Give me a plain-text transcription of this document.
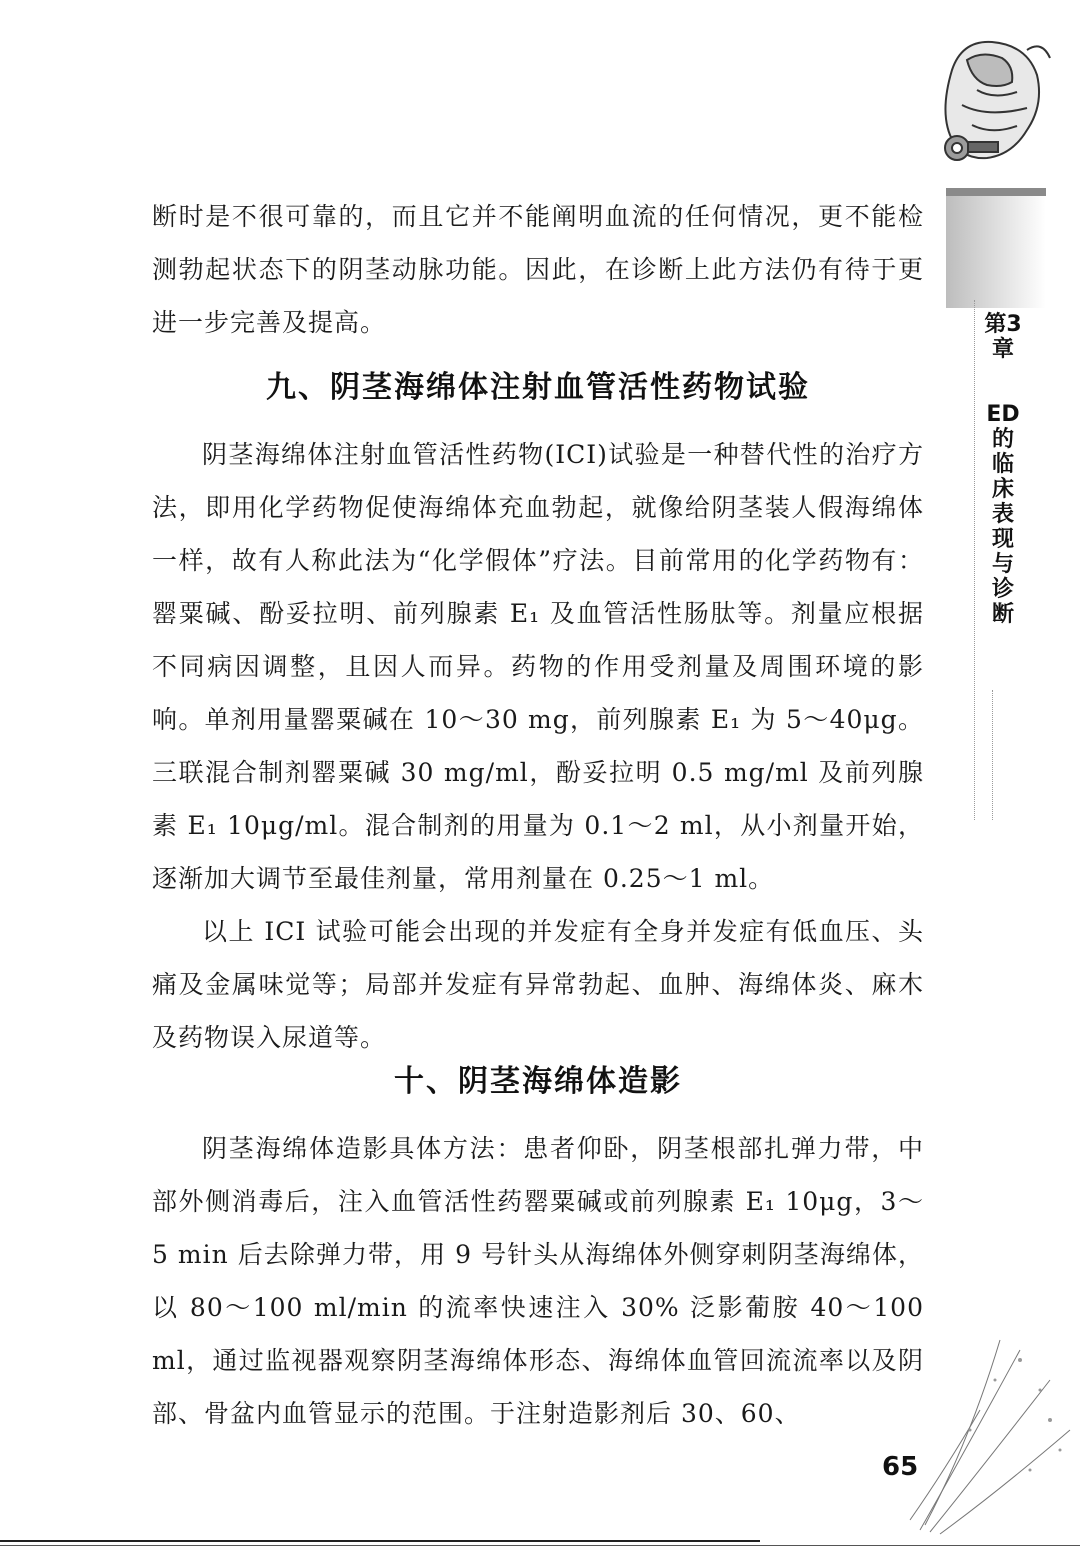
第3章
ED的临床表现与诊断

断时是不很可靠的，而且它并不能阐明血流的任何情况，更不能检测勃起状态下的阴茎动脉功能。因此，在诊断上此方法仍有待于更进一步完善及提高。

九、阴茎海绵体注射血管活性药物试验

阴茎海绵体注射血管活性药物(ICI)试验是一种替代性的治疗方法，即用化学药物促使海绵体充血勃起，就像给阴茎装人假海绵体一样，故有人称此法为“化学假体”疗法。目前常用的化学药物有：罂粟碱、酚妥拉明、前列腺素 E₁ 及血管活性肠肽等。剂量应根据不同病因调整，且因人而异。药物的作用受剂量及周围环境的影响。单剂用量罂粟碱在 10～30 mg，前列腺素 E₁ 为 5～40μg。三联混合制剂罂粟碱 30 mg/ml，酚妥拉明 0.5 mg/ml 及前列腺素 E₁ 10μg/ml。混合制剂的用量为 0.1～2 ml，从小剂量开始，逐渐加大调节至最佳剂量，常用剂量在 0.25～1 ml。

以上 ICI 试验可能会出现的并发症有全身并发症有低血压、头痛及金属味觉等；局部并发症有异常勃起、血肿、海绵体炎、麻木及药物误入尿道等。

十、阴茎海绵体造影

阴茎海绵体造影具体方法：患者仰卧，阴茎根部扎弹力带，中部外侧消毒后，注入血管活性药罂粟碱或前列腺素 E₁ 10μg，3～5 min 后去除弹力带，用 9 号针头从海绵体外侧穿刺阴茎海绵体，以 80～100 ml/min 的流率快速注入 30% 泛影葡胺 40～100 ml，通过监视器观察阴茎海绵体形态、海绵体血管回流流率以及阴部、骨盆内血管显示的范围。于注射造影剂后 30、60、

65
